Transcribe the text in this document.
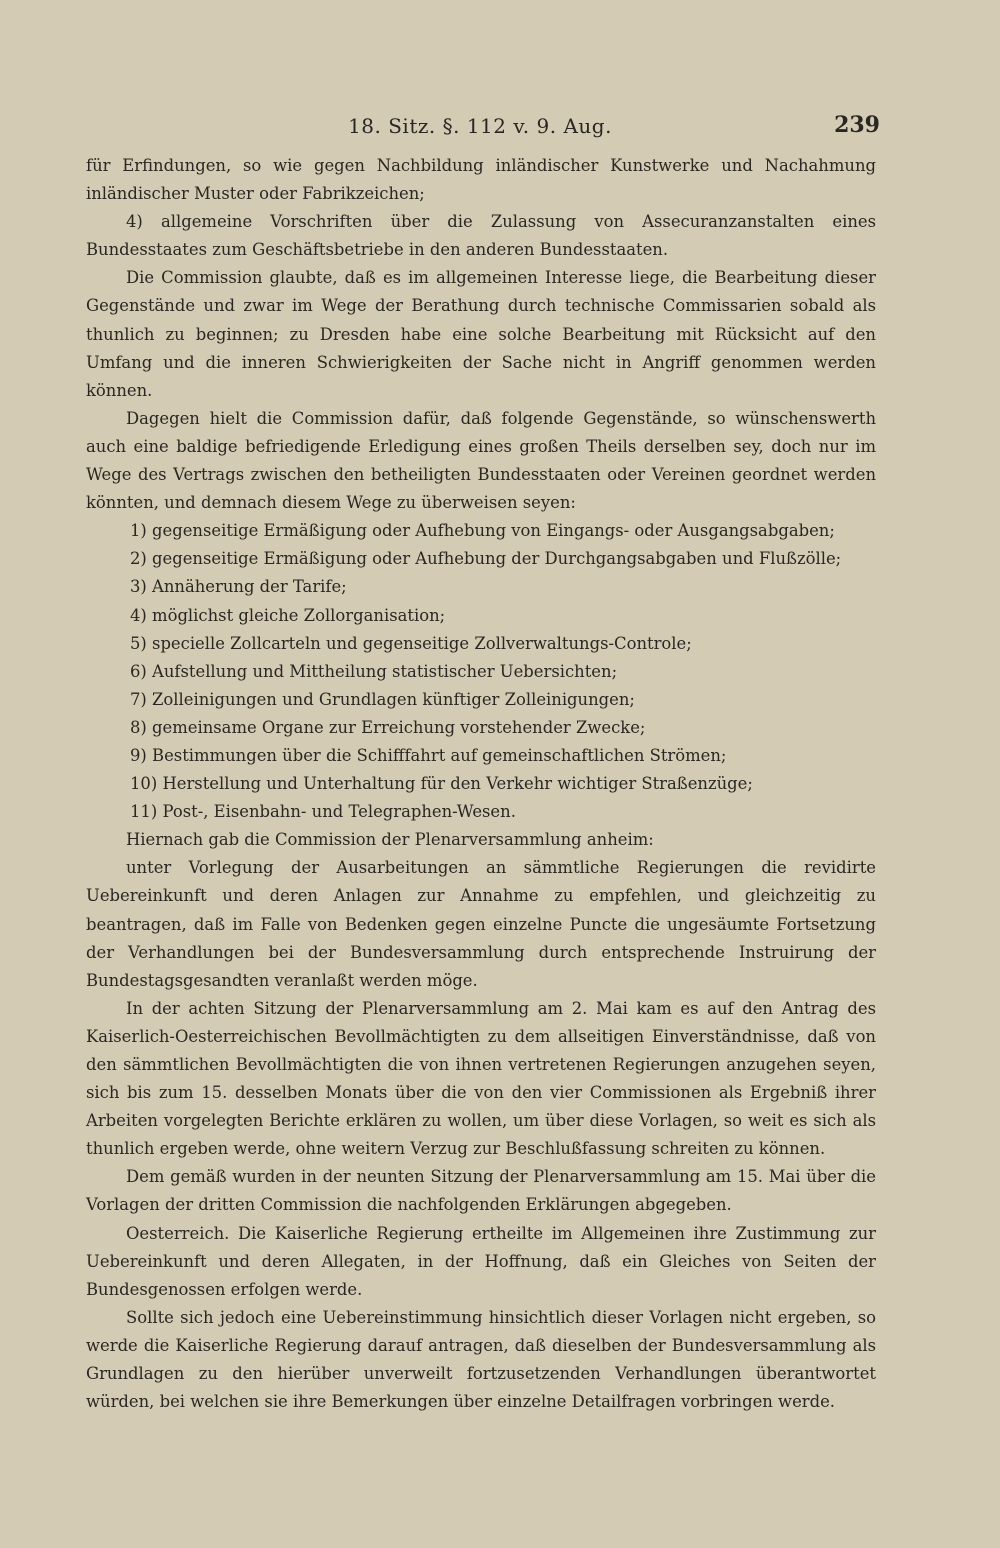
18. Sitz. §. 112 v. 9. Aug.	239

für Erfindungen, so wie gegen Nachbildung inländischer Kunstwerke und Nachahmung inländischer Muster oder Fabrikzeichen;

4) allgemeine Vorschriften über die Zulassung von Assecuranzanstalten eines Bundesstaates zum Geschäftsbetriebe in den anderen Bundesstaaten.

Die Commission glaubte, daß es im allgemeinen Interesse liege, die Bearbeitung dieser Gegenstände und zwar im Wege der Berathung durch technische Commissarien sobald als thunlich zu beginnen; zu Dresden habe eine solche Bearbeitung mit Rücksicht auf den Umfang und die inneren Schwierigkeiten der Sache nicht in Angriff genommen werden können.

Dagegen hielt die Commission dafür, daß folgende Gegenstände, so wünschenswerth auch eine baldige befriedigende Erledigung eines großen Theils derselben sey, doch nur im Wege des Vertrags zwischen den betheiligten Bundesstaaten oder Vereinen geordnet werden könnten, und demnach diesem Wege zu überweisen seyen:

1) gegenseitige Ermäßigung oder Aufhebung von Eingangs- oder Ausgangsabgaben;

2) gegenseitige Ermäßigung oder Aufhebung der Durchgangsabgaben und Flußzölle;

3) Annäherung der Tarife;

4) möglichst gleiche Zollorganisation;

5) specielle Zollcarteln und gegenseitige Zollverwaltungs-Controle;

6) Aufstellung und Mittheilung statistischer Uebersichten;

7) Zolleinigungen und Grundlagen künftiger Zolleinigungen;

8) gemeinsame Organe zur Erreichung vorstehender Zwecke;

9) Bestimmungen über die Schifffahrt auf gemeinschaftlichen Strömen;

10) Herstellung und Unterhaltung für den Verkehr wichtiger Straßenzüge;

11) Post-, Eisenbahn- und Telegraphen-Wesen.

Hiernach gab die Commission der Plenarversammlung anheim:

unter Vorlegung der Ausarbeitungen an sämmtliche Regierungen die revidirte Uebereinkunft und deren Anlagen zur Annahme zu empfehlen, und gleichzeitig zu beantragen, daß im Falle von Bedenken gegen einzelne Puncte die ungesäumte Fortsetzung der Verhandlungen bei der Bundesversammlung durch entsprechende Instruirung der Bundestagsgesandten veranlaßt werden möge.

In der achten Sitzung der Plenarversammlung am 2. Mai kam es auf den Antrag des Kaiserlich-Oesterreichischen Bevollmächtigten zu dem allseitigen Einverständnisse, daß von den sämmtlichen Bevollmächtigten die von ihnen vertretenen Regierungen anzugehen seyen, sich bis zum 15. desselben Monats über die von den vier Commissionen als Ergebniß ihrer Arbeiten vorgelegten Berichte erklären zu wollen, um über diese Vorlagen, so weit es sich als thunlich ergeben werde, ohne weitern Verzug zur Beschlußfassung schreiten zu können.

Dem gemäß wurden in der neunten Sitzung der Plenarversammlung am 15. Mai über die Vorlagen der dritten Commission die nachfolgenden Erklärungen abgegeben.

Oesterreich. Die Kaiserliche Regierung ertheilte im Allgemeinen ihre Zustimmung zur Uebereinkunft und deren Allegaten, in der Hoffnung, daß ein Gleiches von Seiten der Bundesgenossen erfolgen werde.

Sollte sich jedoch eine Uebereinstimmung hinsichtlich dieser Vorlagen nicht ergeben, so werde die Kaiserliche Regierung darauf antragen, daß dieselben der Bundesversammlung als Grundlagen zu den hierüber unverweilt fortzusetzenden Verhandlungen überantwortet würden, bei welchen sie ihre Bemerkungen über einzelne Detailfragen vorbringen werde.
